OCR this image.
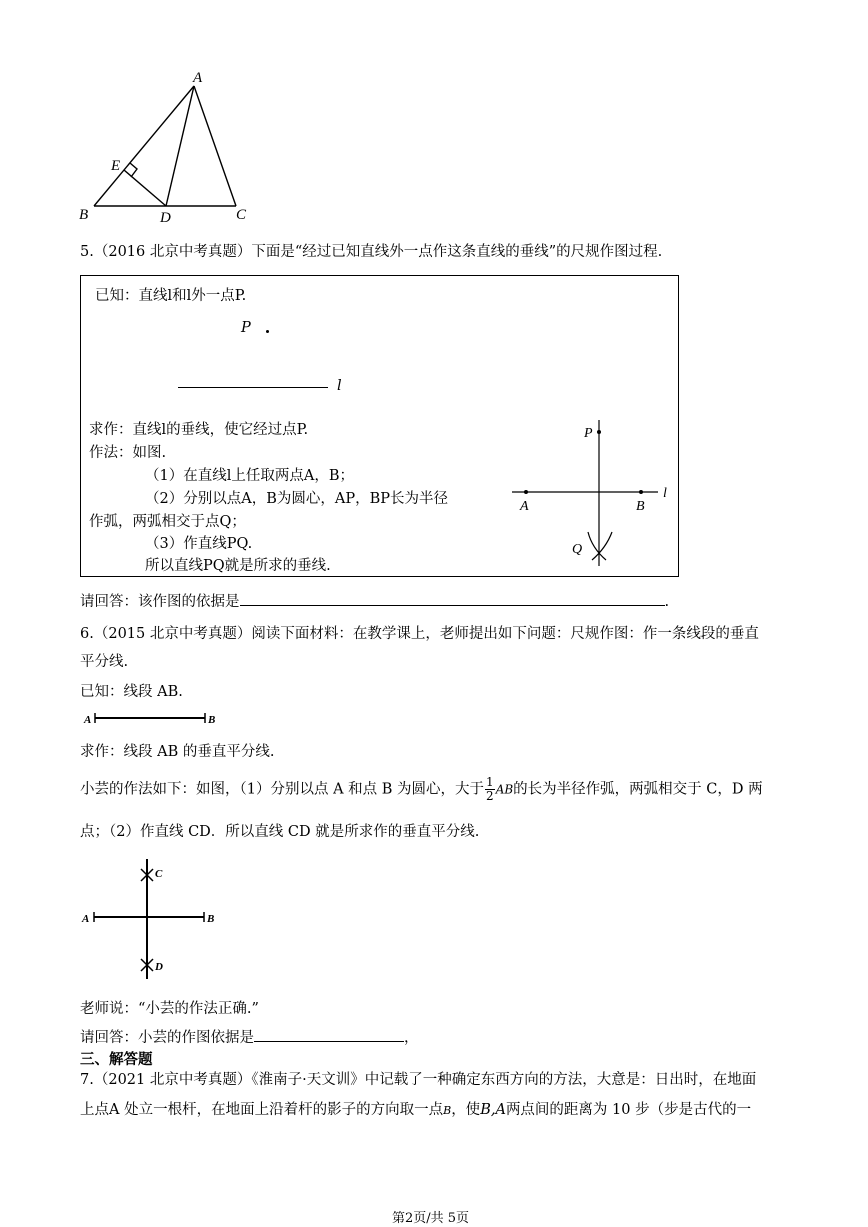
A
B	C
D
E
5.（2016 北京中考真题）下面是“经过已知直线外一点作这条直线的垂线”的尺规作图过程.
已知：直线l和l外一点P.
P
l
求作：直线l的垂线，使它经过点P.
作法：如图.
（1）在直线l上任取两点A，B；
（2）分别以点A，B为圆心，AP，BP长为半径
作弧，两弧相交于点Q；
（3）作直线PQ.
所以直线PQ就是所求的垂线.
P
l
A	B
Q
请回答：该作图的依据是	.
6.（2015 北京中考真题）阅读下面材料：在教学课上，老师提出如下问题：尺规作图：作一条线段的垂直
平分线.
已知：线段 AB.
A	B
求作：线段 AB 的垂直平分线.
小芸的作法如下：如图，（1）分别以点 A 和点 B 为圆心，大于 $\frac{1}{2}$ AB的长为半径作弧，两弧相交于 C，D 两
点；（2）作直线 CD．所以直线 CD 就是所求作的垂直平分线.
A	B
C
D
老师说：“小芸的作法正确.”
请回答：小芸的作图依据是	，
三、解答题
7.（2021 北京中考真题）《淮南子·天文训》中记载了一种确定东西方向的方法，大意是：日出时，在地面
上点A 处立一根杆，在地面上沿着杆的影子的方向取一点B，使B,A两点间的距离为 10 步（步是古代的一
第2页/共 5页
